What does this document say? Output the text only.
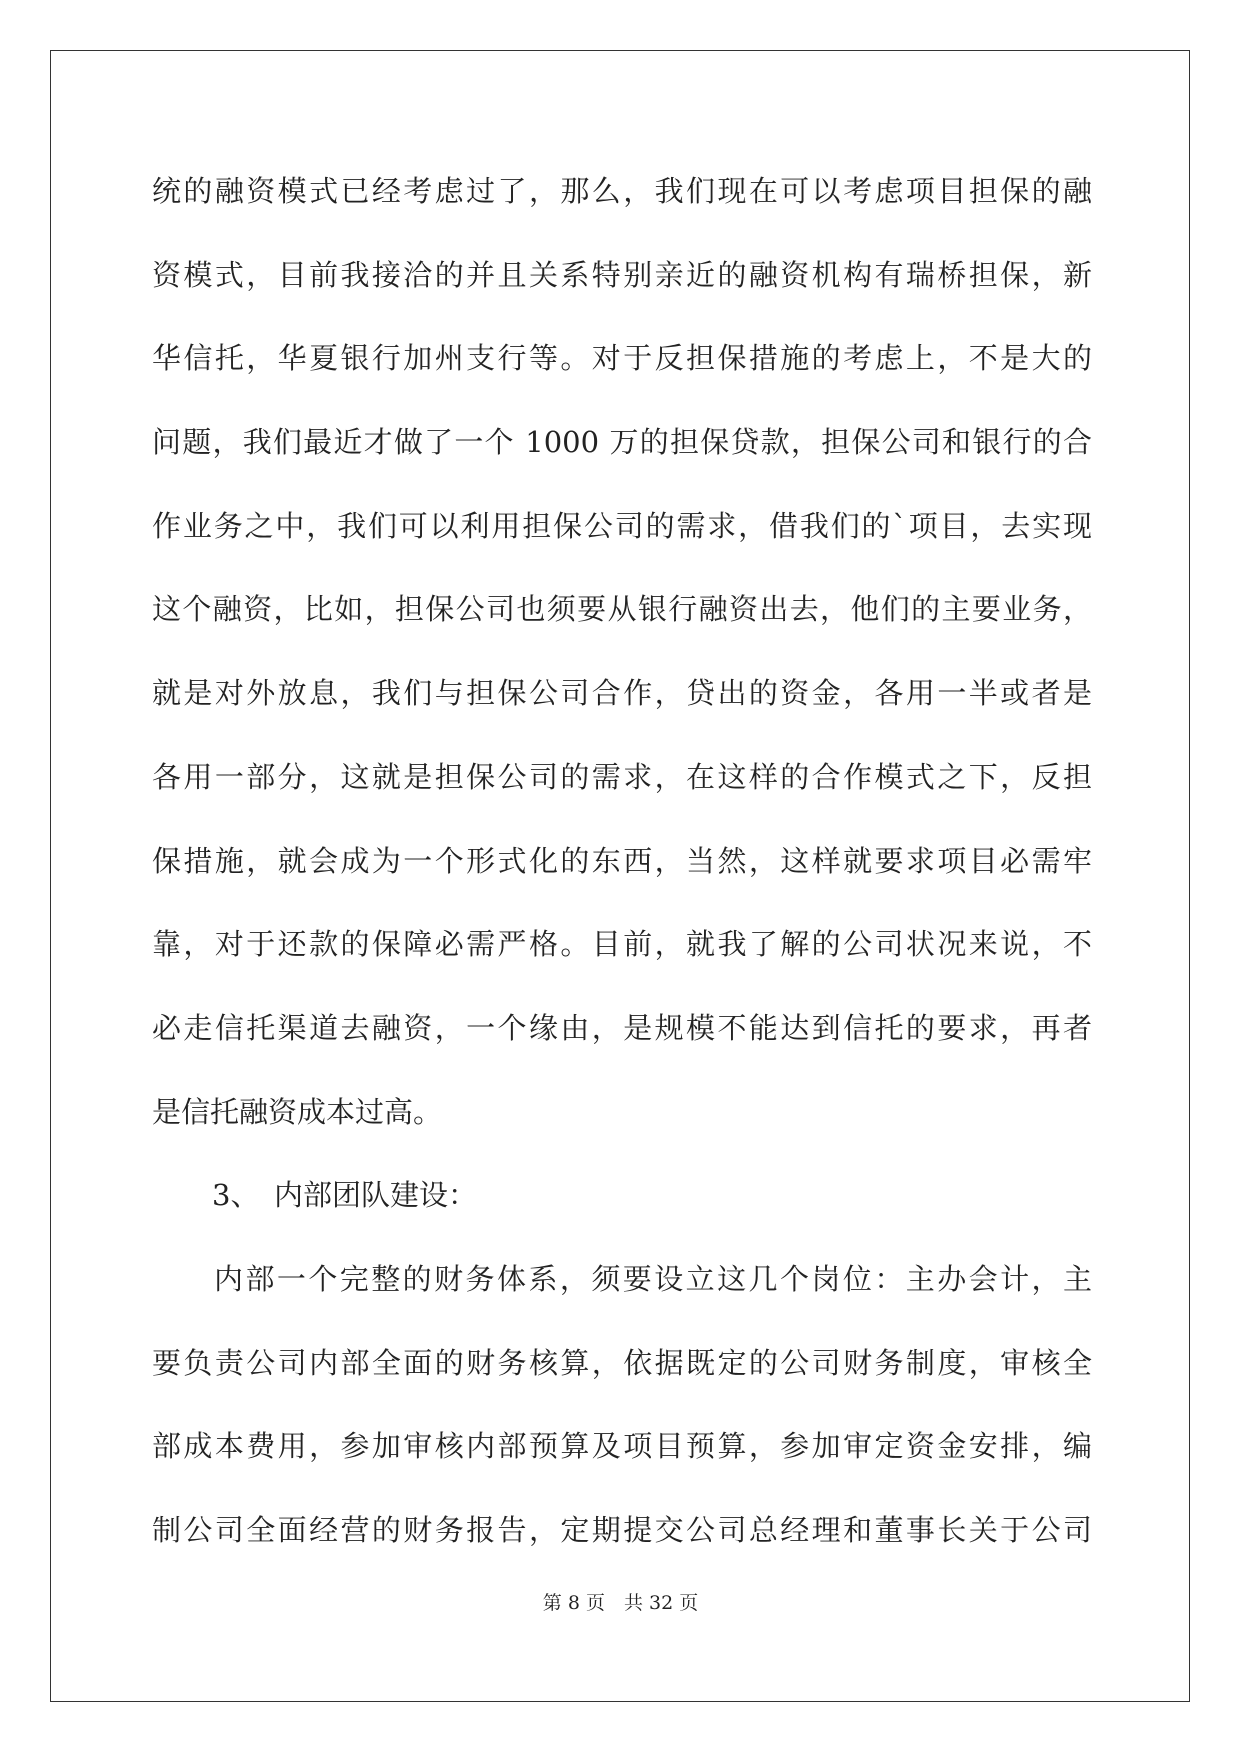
统的融资模式已经考虑过了，那么，我们现在可以考虑项目担保的融
资模式，目前我接洽的并且关系特别亲近的融资机构有瑞桥担保，新
华信托，华夏银行加州支行等。对于反担保措施的考虑上，不是大的
问题，我们最近才做了一个 1000 万的担保贷款，担保公司和银行的合
作业务之中，我们可以利用担保公司的需求，借我们的`项目，去实现
这个融资，比如，担保公司也须要从银行融资出去，他们的主要业务，
就是对外放息，我们与担保公司合作，贷出的资金，各用一半或者是
各用一部分，这就是担保公司的需求，在这样的合作模式之下，反担
保措施，就会成为一个形式化的东西，当然，这样就要求项目必需牢
靠，对于还款的保障必需严格。目前，就我了解的公司状况来说，不
必走信托渠道去融资，一个缘由，是规模不能达到信托的要求，再者
是信托融资成本过高。
3、　内部团队建设：
内部一个完整的财务体系，须要设立这几个岗位：主办会计，主
要负责公司内部全面的财务核算，依据既定的公司财务制度，审核全
部成本费用，参加审核内部预算及项目预算，参加审定资金安排，编
制公司全面经营的财务报告，定期提交公司总经理和董事长关于公司
第 8 页　共 32 页
